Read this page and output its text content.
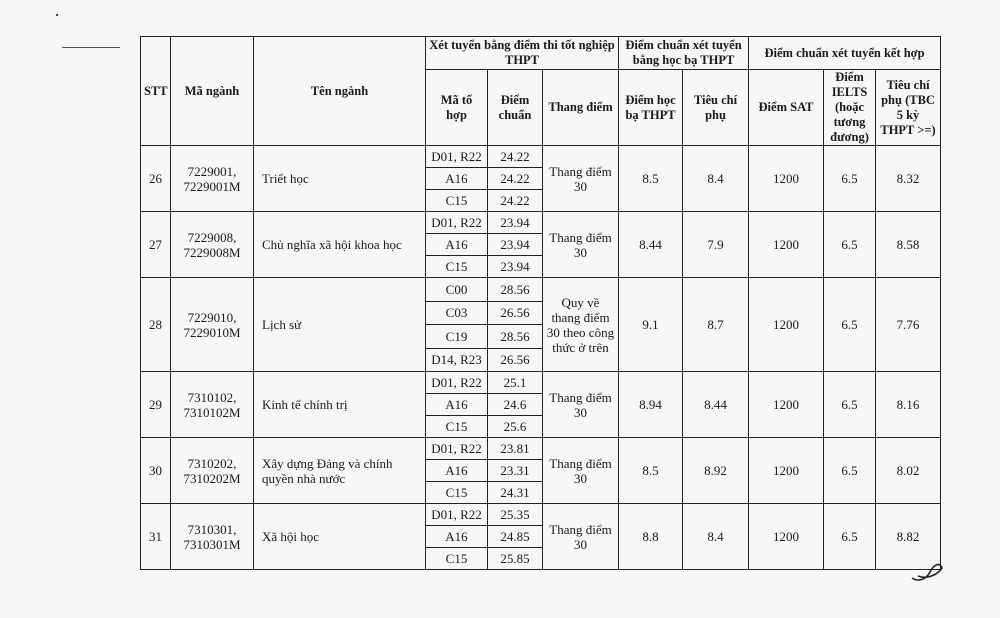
STT	Mã ngành	Tên ngành	Xét tuyển bằng điểm thi tốt nghiệp THPT			Điểm chuẩn xét tuyển bằng học bạ THPT		Điểm chuẩn xét tuyển kết hợp		
			Mã tổ hợp	Điểm chuẩn	Thang điểm	Điểm học bạ THPT	Tiêu chí phụ	Điểm SAT	Điểm IELTS (hoặc tương đương)	Tiêu chí phụ (TBC 5 kỳ THPT >=)
26	7229001, 7229001M	Triết học	D01, R22	24.22	Thang điểm 30	8.5	8.4	1200	6.5	8.32
			A16	24.22						
			C15	24.22						
27	7229008, 7229008M	Chủ nghĩa xã hội khoa học	D01, R22	23.94	Thang điểm 30	8.44	7.9	1200	6.5	8.58
			A16	23.94						
			C15	23.94						
28	7229010, 7229010M	Lịch sử	C00	28.56	Quy về thang điểm 30 theo công thức ở trên	9.1	8.7	1200	6.5	7.76
			C03	26.56						
			C19	28.56						
			D14, R23	26.56						
29	7310102, 7310102M	Kinh tế chính trị	D01, R22	25.1	Thang điểm 30	8.94	8.44	1200	6.5	8.16
			A16	24.6						
			C15	25.6						
30	7310202, 7310202M	Xây dựng Đảng và chính quyền nhà nước	D01, R22	23.81	Thang điểm 30	8.5	8.92	1200	6.5	8.02
			A16	23.31						
			C15	24.31						
31	7310301, 7310301M	Xã hội học	D01, R22	25.35	Thang điểm 30	8.8	8.4	1200	6.5	8.82
			A16	24.85						
			C15	25.85						
